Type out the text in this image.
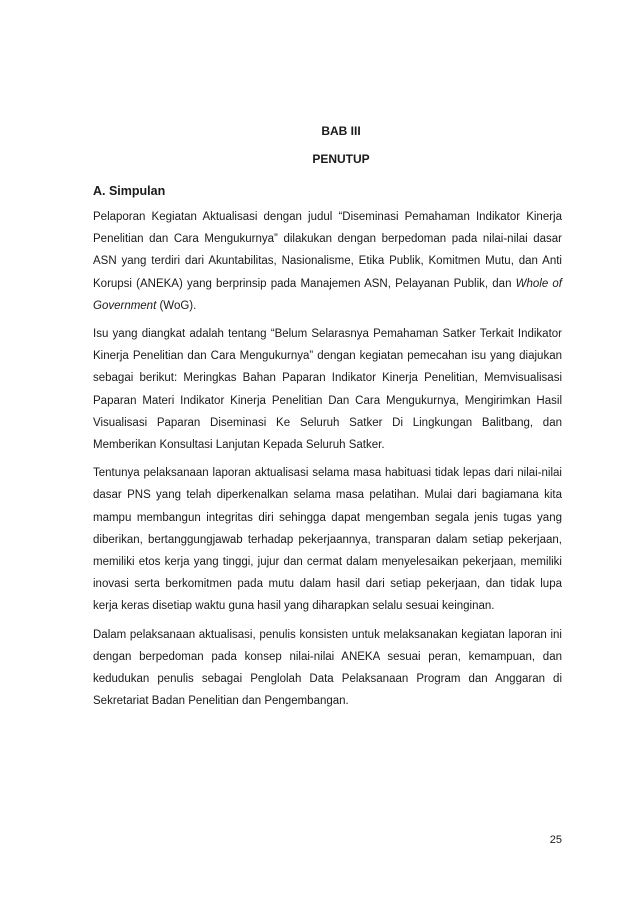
BAB III
PENUTUP
A. Simpulan

Pelaporan Kegiatan Aktualisasi dengan judul “Diseminasi Pemahaman Indikator Kinerja Penelitian dan Cara Mengukurnya” dilakukan dengan berpedoman pada nilai-nilai dasar ASN yang terdiri dari Akuntabilitas, Nasionalisme, Etika Publik, Komitmen Mutu, dan Anti Korupsi (ANEKA) yang berprinsip pada Manajemen ASN, Pelayanan Publik, dan Whole of Government (WoG).

Isu yang diangkat adalah tentang “Belum Selarasnya Pemahaman Satker Terkait Indikator Kinerja Penelitian dan Cara Mengukurnya” dengan kegiatan pemecahan isu yang diajukan sebagai berikut: Meringkas Bahan Paparan Indikator Kinerja Penelitian, Memvisualisasi Paparan Materi Indikator Kinerja Penelitian Dan Cara Mengukurnya, Mengirimkan Hasil Visualisasi Paparan Diseminasi Ke Seluruh Satker Di Lingkungan Balitbang, dan Memberikan Konsultasi Lanjutan Kepada Seluruh Satker.

Tentunya pelaksanaan laporan aktualisasi selama masa habituasi tidak lepas dari nilai-nilai dasar PNS yang telah diperkenalkan selama masa pelatihan. Mulai dari bagiamana kita mampu membangun integritas diri sehingga dapat mengemban segala jenis tugas yang diberikan, bertanggungjawab terhadap pekerjaannya, transparan dalam setiap pekerjaan, memiliki etos kerja yang tinggi, jujur dan cermat dalam menyelesaikan pekerjaan, memiliki inovasi serta berkomitmen pada mutu dalam hasil dari setiap pekerjaan, dan tidak lupa kerja keras disetiap waktu guna hasil yang diharapkan selalu sesuai keinginan.

Dalam pelaksanaan aktualisasi, penulis konsisten untuk melaksanakan kegiatan laporan ini dengan berpedoman pada konsep nilai-nilai ANEKA sesuai peran, kemampuan, dan kedudukan penulis sebagai Penglolah Data Pelaksanaan Program dan Anggaran di Sekretariat Badan Penelitian dan Pengembangan.

25
